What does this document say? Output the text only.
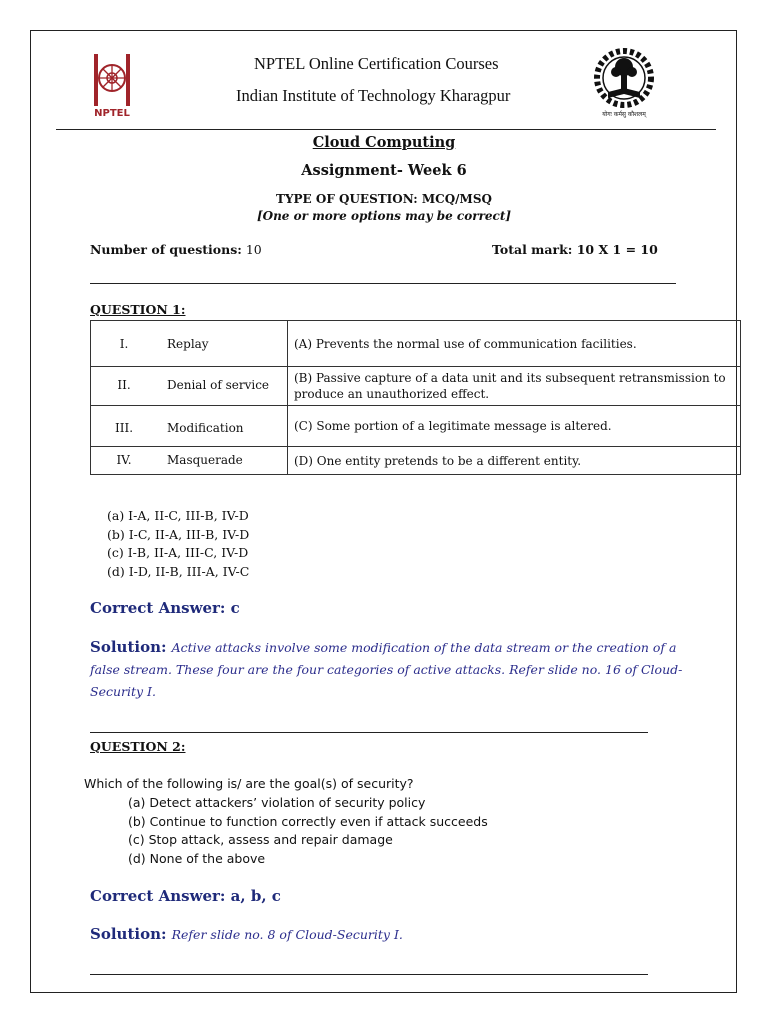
NPTEL
NPTEL Online Certification Courses
Indian Institute of Technology Kharagpur
योगः कर्मसु कौशलम्
Cloud Computing
Assignment- Week 6
TYPE OF QUESTION: MCQ/MSQ
[One or more options may be correct]
Number of questions: 10	Total mark: 10 X 1 = 10
QUESTION 1:
I. Replay	(A) Prevents the normal use of communication facilities.

II. Denial of service	(B) Passive capture of a data unit and its subsequent retransmission to produce an unauthorized effect.

III. Modification	(C) Some portion of a legitimate message is altered.

IV. Masquerade	(D) One entity pretends to be a different entity.
(a) I-A, II-C, III-B, IV-D
(b) I-C, II-A, III-B, IV-D
(c) I-B, II-A, III-C, IV-D
(d) I-D, II-B, III-A, IV-C
Correct Answer: c
Solution: Active attacks involve some modification of the data stream or the creation of a
false stream. These four are the four categories of active attacks. Refer slide no. 16 of Cloud-
Security I.
QUESTION 2:
Which of the following is/ are the goal(s) of security?
(a) Detect attackers’ violation of security policy
(b) Continue to function correctly even if attack succeeds
(c) Stop attack, assess and repair damage
(d) None of the above
Correct Answer: a, b, c
Solution: Refer slide no. 8 of Cloud-Security I.
